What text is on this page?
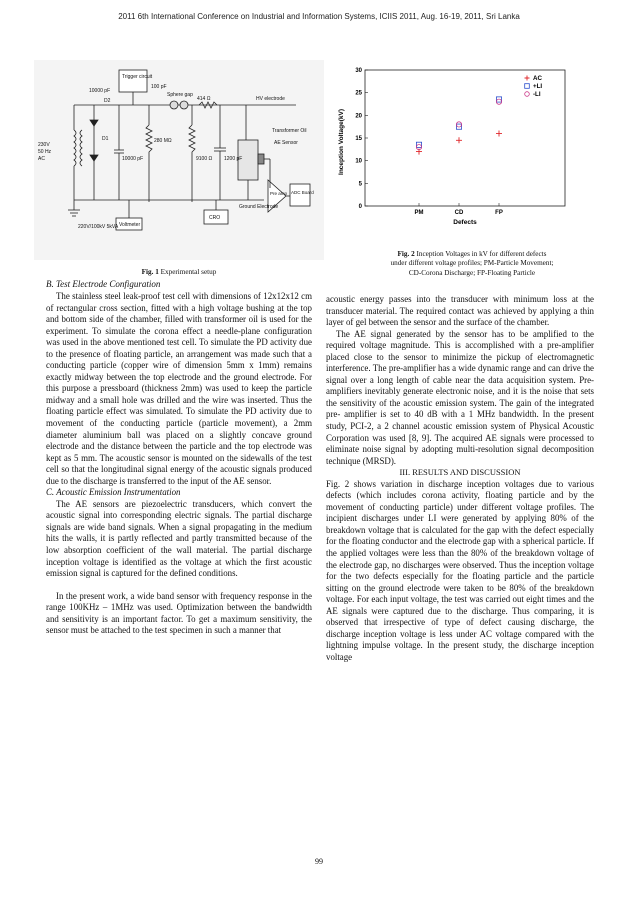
2011 6th International Conference on Industrial and Information Systems, ICIIS 2011, Aug. 16-19, 2011, Sri Lanka
Trigger circuit
100 pF
Sphere gap
414 Ω	HV electrode
10000 pF
D2
230V
50 Hz
AC
D1
10000 pF
280 MΩ
9100 Ω 1200 pF
Transformer Oil
AE Sensor
Pre amp ADC Board
Ground Electrode
220V/100kV 5kVA Voltmeter
CRO
Fig. 1 Experimental setup
0
5
10
15
20
25
30
PM	CD	FP
AC
+LI
-LI
Inception Voltage(kV)
Defects
Fig. 2 Inception Voltages in kV for different defects
under different voltage profiles; PM-Particle Movement;
CD-Corona Discharge; FP-Floating Particle
B. Test Electrode Configuration

The stainless steel leak-proof test cell with dimensions of 12x12x12 cm of rectangular cross section, fitted with a high voltage bushing at the top and bottom side of the chamber, filled with transformer oil is used for the experiment. To simulate the corona effect a needle-plane configuration was used in the above mentioned test cell. To simulate the PD activity due to the presence of floating particle, an arrangement was made such that a conducting particle (copper wire of dimension 5mm x 1mm) remains exactly midway between the top electrode and the ground electrode. For this purpose a pressboard (thickness 2mm) was used to keep the particle midway and a small hole was drilled and the wire was inserted. Thus the floating particle effect was simulated. To simulate the PD activity due to movement of the conducting particle (particle movement), a 2mm diameter aluminium ball was placed on a slightly concave ground electrode and the distance between the particle and the top electrode was kept as 5 mm. The acoustic sensor is mounted on the sidewalls of the test cell so that the longitudinal signal energy of the acoustic signals produced due to the discharge is transferred to the input of the AE sensor.

C. Acoustic Emission Instrumentation

The AE sensors are piezoelectric transducers, which convert the acoustic signal into corresponding electric signals. The partial discharge signals are wide band signals. When a signal propagating in the medium hits the walls, it is partly reflected and partly transmitted because of the low absorption coefficient of the wall material. The partial discharge inception voltage is identified as the voltage at which the first acoustic emission signal is captured for the defined conditions.

In the present work, a wide band sensor with frequency response in the range 100KHz – 1MHz was used. Optimization between the bandwidth and sensitivity is an important factor. To get a maximum sensitivity, the sensor must be attached to the test specimen in such a manner that

acoustic energy passes into the transducer with minimum loss at the transducer material. The required contact was achieved by applying a thin layer of gel between the sensor and the surface of the chamber.

The AE signal generated by the sensor has to be amplified to the required voltage magnitude. This is accomplished with a pre-amplifier placed close to the sensor to minimize the pickup of electromagnetic interference. The pre-amplifier has a wide dynamic range and can drive the signal over a long length of cable near the data acquisition system. Pre-amplifiers inevitably generate electronic noise, and it is the noise that sets the sensitivity of the acoustic emission system. The gain of the integrated pre- amplifier is set to 40 dB with a 1 MHz bandwidth. In the present study, PCI-2, a 2 channel acoustic emission system of Physical Acoustic Corporation was used [8, 9]. The acquired AE signals were processed to eliminate noise signal by adopting multi-resolution signal decomposition technique (MRSD).

III. RESULTS AND DISCUSSION

Fig. 2 shows variation in discharge inception voltages due to various defects (which includes corona activity, floating particle and by the movement of conducting particle) under different voltage profiles. The incipient discharges under LI were generated by applying 80% of the breakdown voltage that is calculated for the gap with the defect especially for the floating conductor and the electrode gap with a spherical particle. If the applied voltages were less than the 80% of the breakdown voltage of the electrode gap, no discharges were observed. Thus the inception voltage for the two defects especially for the floating particle and the particle sitting on the ground electrode were taken to be 80% of the breakdown voltage. For each input voltage, the test was carried out eight times and the AE signals were captured due to the discharge. Thus comparing, it is observed that irrespective of type of defect causing discharge, the discharge inception voltage is less under AC voltage compared with the lightning impulse voltage. In the present study, the discharge inception voltage

99
